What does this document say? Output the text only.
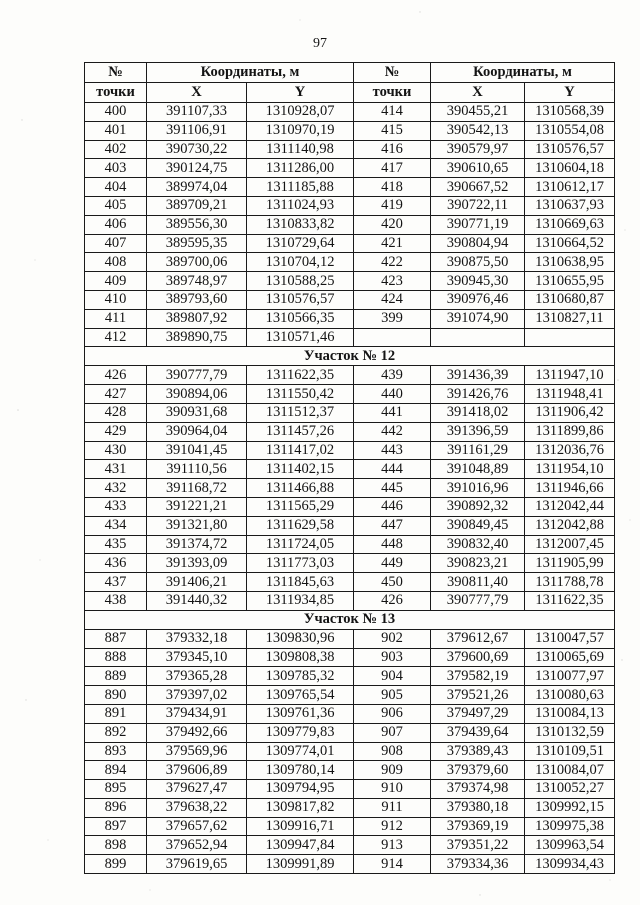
97
№	Координаты, м		№	Координаты, м	
точки	X	Y	точки	X	Y
400	391107,33	1310928,07	414	390455,21	1310568,39
401	391106,91	1310970,19	415	390542,13	1310554,08
402	390730,22	1311140,98	416	390579,97	1310576,57
403	390124,75	1311286,00	417	390610,65	1310604,18
404	389974,04	1311185,88	418	390667,52	1310612,17
405	389709,21	1311024,93	419	390722,11	1310637,93
406	389556,30	1310833,82	420	390771,19	1310669,63
407	389595,35	1310729,64	421	390804,94	1310664,52
408	389700,06	1310704,12	422	390875,50	1310638,95
409	389748,97	1310588,25	423	390945,30	1310655,95
410	389793,60	1310576,57	424	390976,46	1310680,87
411	389807,92	1310566,35	399	391074,90	1310827,11
412	389890,75	1310571,46			
Участок № 12					
426	390777,79	1311622,35	439	391436,39	1311947,10
427	390894,06	1311550,42	440	391426,76	1311948,41
428	390931,68	1311512,37	441	391418,02	1311906,42
429	390964,04	1311457,26	442	391396,59	1311899,86
430	391041,45	1311417,02	443	391161,29	1312036,76
431	391110,56	1311402,15	444	391048,89	1311954,10
432	391168,72	1311466,88	445	391016,96	1311946,66
433	391221,21	1311565,29	446	390892,32	1312042,44
434	391321,80	1311629,58	447	390849,45	1312042,88
435	391374,72	1311724,05	448	390832,40	1312007,45
436	391393,09	1311773,03	449	390823,21	1311905,99
437	391406,21	1311845,63	450	390811,40	1311788,78
438	391440,32	1311934,85	426	390777,79	1311622,35
Участок № 13					
887	379332,18	1309830,96	902	379612,67	1310047,57
888	379345,10	1309808,38	903	379600,69	1310065,69
889	379365,28	1309785,32	904	379582,19	1310077,97
890	379397,02	1309765,54	905	379521,26	1310080,63
891	379434,91	1309761,36	906	379497,29	1310084,13
892	379492,66	1309779,83	907	379439,64	1310132,59
893	379569,96	1309774,01	908	379389,43	1310109,51
894	379606,89	1309780,14	909	379379,60	1310084,07
895	379627,47	1309794,95	910	379374,98	1310052,27
896	379638,22	1309817,82	911	379380,18	1309992,15
897	379657,62	1309916,71	912	379369,19	1309975,38
898	379652,94	1309947,84	913	379351,22	1309963,54
899	379619,65	1309991,89	914	379334,36	1309934,43
